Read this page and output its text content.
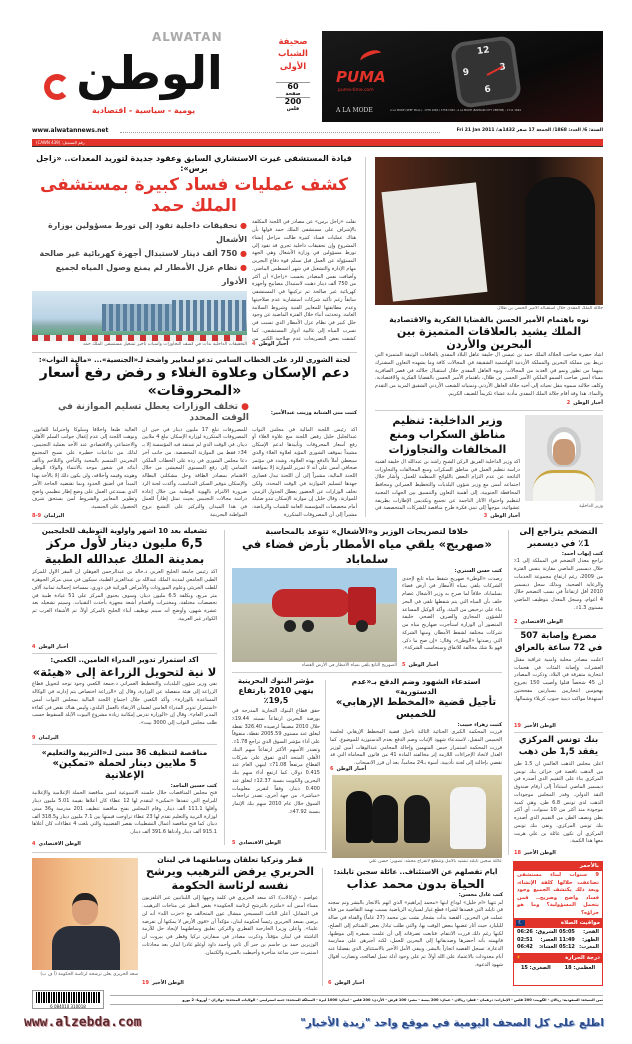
ALWATAN
الوطن
يومية - سياسية - اقتصادية
صحيفة
الشباب
الأولى
60
صفحة
200
فلس
PUMA
puma-time.com
12
9	3
6
A LA MODE	A LA MODE (SEEF MALL) - 1758 1660 / 1758 1393 - A LA MODE (BAHRAIN CITY CENTRE) - 1711 1694
www.alwatannews.net	السنة: 6/ العدد: 1868/ الجمعة 17 صفر 1432هـ/ Fri 21 Jan 2011
رقم التسجيل: (CAWN 439)
قيادة المستشفى غيرت الاستشاري السابق وعقود جديدة لتوريد المعدات.. «زاجل برس»:
كشف عمليات فساد كبيرة بمستشفى الملك حمد
نقلت «زاجل برس» عن مصادر في اللجنة المكلفة بالإشراف على مستشفى الملك حمد قولها بأن هناك عمليات فساد كبيرة طالت مراحل إنشاء المشروع وإن تحقيقات داخلية تجري قد تقود إلى تورط مسؤولين في وزارة الأشغال وهي الجهة المسؤولة عن العمل قبل تسلم قوة دفاع البحرين مهام الإدارة والتشغيل في شهر أغسطس الماضي. وأضافت نفس المصادر بحسب «زاجل» أن أكثر من 750 ألف دينار ذهبت لاستبدال مصابيح وأجهزة كهربائية غير صالحة تم تركيبها في المستشفى سابقاً رغم تأكيد شركات استشارية عدم صلاحيتها وعدم مطابقتها للمعايير الفنية وشروط السلامة العامة. وتحدثت أنباء خلال الفترة الماضية عن وجود خلل كبير في نظام عزل الأمطار الذي تسبب في تسرب المياه إلى غالبية أدوار المستشفى، كما كشفت بعض التصريحات عدم صلاحية الكثير من
أخبار الوطن4
● تحقيقات داخلية تقود إلى تورط مسؤولين بوزارة الأشغال
● 750 ألف دينار لاستبدال أجهزة كهربائية غير صالحة
● نظام عزل الأمطار لم يمنع وصول المياه لجميع الأدوار
التحقيقات الداخلية بدأت في كشف التجاوزات وأسباب تأخير تشغيل مستشفى الملك حمد
جلالة الملك المفدى خلال استقباله الأمير الحسن بن طلال
نوه باهتمام الأمير الحسن بالقضايا الفكرية والاقتصادية
الملك يشيد بالعلاقات المتميزة بين البحرين والأردن
أشاد حضرة صاحب الجلالة الملك حمد بن عيسى آل خليفة عاهل البلاد المفدى بالعلاقات الوثيقة المتميزة التي تربط بين مملكة البحرين والمملكة الأردنية الهاشمية الشقيقة في المجالات كافة وما يشهده التعاون المشترك بينهما من تطور ونمو في العديد من المجالات. ونوه العاهل المفدى خلال استقبال جلالته في قصر الصافرية مساء أمس صاحب السمو الملكي الأمير الحسن بن طلال، باهتمام الأمير الحسن بالقضايا الفكرية والاقتصادية. وكلف جلالته سموه بنقل تحياته إلى أخيه جلالة العاهل الأردني وتمنياته للشعب الأردني الشقيق المزيد من التقدم والنماء. هذا وقد أقام جلالة الملك المفدى مأدبة عشاء تكريماً للضيف الكريم.
أخبار الوطن2
لجنة الشورى للرد على الخطاب السامي تدعو لمعايير واضحة لـ«الجنسية»... «مالية النواب»:
دعم الإسكان وعلاوة الغلاء و رفض رفع أسعار «المحروقات»
كتبت منى الشتابة وزينب عبدالأمير:
● تخلف الوزارات يعطل تسليم الموازنة في الوقت المحدد
أكد رئيس اللجنة المالية في مجلس النواب عبدالجليل خليل رفض اللجنة منع علاوة الغلاء أو رفع أسعار المحروقات وتأييدها لدعم الإسكان مشيداً بموقف الشورى المؤيد لعلاوة الغلاء والذي سيعطي أملاً بالدفع بهذه العلاوة. وشدد في مؤتمر صحافي أمس على أنه لا تمرير للموازنة إلا بموافقة اللجنة المالية، مشيراً إلى أن اللجنة تبذل قصارى جهدها لتسليم الموازنة في الوقت المحدد، ولكن تخلف الوزارات عن الحضور يعطل الجدول الزمني للموازنة. وقال خليل إن موازنة الإسكان تبدو ضئيلة أمام مخصصات المؤسسة العامة للشباب والرياضة، مشيراً إلى أن المصروفات المتكررة
للمصروفات تبلغ 17 مليون دينار في حين أن المصروفات المتكررة لوزارة الإسكان تبلغ 4 ملايين دينار، في الوقت الذي لم تستفد فيه المؤسسة إلا بـ 34٪ فقط من الموازنة المخصصة. من جانب آخر دعا مجلس الشورى في رده على الخطاب الملكي السامي إلى رفع المستوى المعيشي من خلال الاهتمام بمصادر الطاقة وحل مشكلتي البطالة والإسكان بتوفير السكن المناسب، وأكدت لجنة الرد ضرورة الالتزام بالهوية الوطنية من خلال إعادة دراسة مجالات التجنيس بحيث تمثل إطاراً للعمل في هذا الميدان والتركيز على التشبع بروح المواطنة البحرينية
العالية طبعاً وأخلاقاً وسلوكاً واحتراماً للقانون. ونوهت اللجنة إلى عدم إغفال جوانب السلم الأهلي والاجتماعي والاقتصادي عند الأخذ بعملية التجنيس، لذلك من تداعيات خطيرة على نسيج المجتمع البحريني المتسم بالمحبة والتآخي والتلاحم وتآلف أبنائه في شعور موحد بالانتماء والولاء للوطن وهويته وقيمه وأخلاقه، ولن يكون ذلك إلا بالأخذ بهذا المبدأ في أضيق الحدود وبما تقتضيه الحاجة الأمر الذي يستدعي العمل على وضع إطار تنظيمي واضح وتطوير المعايير والشروط لمن يستحق شرف الحصول على الجنسية.
البرلمان9-8
وزير الداخلية
وزير الداخلية: تنظيم مناطق السكراب ومنع المخالفات والتجاوزات
أكد وزير الداخلية الفريق الركن الشيخ راشد بن عبدالله آل خليفة أهمية دراسة تنظيم العمل في مناطق السكراب ومنع المخالفات والتجاوزات الناتجة عن عدم التزام البعض باللوائح المنظمة للعمل. وأشار خلال اجتماعه أمس مع وزير شؤون البلديات والتخطيط العمراني ومحافظ المحافظة الجنوبية، إلى أهمية التعاون والتنسيق بين الجهات المعنية لتنظيم واحتواء الآثار الناجمة عن تجميع وتكديس الإطارات بطريقة عشوائية، موجهاً إلى تبني فكرة طرح مناقصة للشركات المتخصصة في
أخبار الوطن3
تشغيله بعد 10 أشهر وأولوية التوظيف للخليجيين
6,5 مليون دينار لأول مركز بمدينة الملك عبدالله الطبية
أكد رئيس جامعة الخليج العربي د.خالد بن عبدالرحمن العوهلي أن المقر الأول للمركز الطبي الجامعي لمدينة الملك عبدالله بن عبدالعزيز الطبية، سيكون في مبنى مركز الجوهرة للطب الجزيئي وعلوم الموروثات والأمراض الوراثية في دوري، بمساحة إجمالية ثمانية آلاف متر مربع، وبكلفة 6.5 مليون دينار، وسوف يحتوي المركز على 51 عيادة طبية في تخصصات مختلفة، ومختبرات وأقسام أشعة مجهزة بأحدث التقنيات. وسيتم تشغيله بعد عشرة شهور، وأوضح أنه سيتم توظيف أبناء الخليج بالمركز أولاً، ثم الأشقاء العرب ثم الكوادر غير العربية.
أخبار الوطن4
أكد استمرار تدوير المدراء العامين.. الكعبي:
لا نية لتحويل الزراعة إلى «هيئة»
نفى وزير شؤون البلديات والتخطيط العمراني د.جمعة الكعبي وجود توجه لتحويل قطاع الزراعة إلى هيئة منفصلة عن الوزارة، وقال إن «الزراعة اختصاص يتم إدارته في الوكالة المساعدة بالوزارة». وأكد الكعبي خلال اجتماع اللجنة المالية بمجلس النواب أمس «استمرار تدوير المدراء العامين لضمان الارتقاء بالعمل البلدي، وليس هناك نقص في كفاءة المدير العام». وقال إن «الوزارة تدرس إمكانية زيادة مشروع البيوت الآيلة للسقوط حسب طلب مجلس النواب إلى 3000 بيت».
البرلمان9
مناقصة لتنظيف 36 مبنى لـ«التربية والتعليم»
5 ملايين دينار لحملة «تمكين» الإعلانية
كتب حسين الماجد:
فتح مجلس المناقصات خلال جلسته الأسبوعية أمس مناقصة الحملة الإعلامية والإعلانية للبرامج التي تنفذها «تمكين» ليتقدم لها 12 عطاء كان أعلاها بقيمة 5.01 مليون دينار وأقلها 111.1 ألف دينار. وقام المجلس بفتح مناقصة تنظيف 201 مدرسة و36 مبنى لوزارة التربية والتعليم تقدم لها 23 عطاء تراوحت قيمتها بين 7.1 مليون دينار و318.5 ألف دينار، كما فتح مناقصة أعمال التشطيبات بقصر القضيبية والتي بلغت 4 عطاءات كان أعلاها 915.1 ألف دينار وأدناها 391.6 ألف دينار.
الوطن الاقتصادي4
خلافاً لتصريحات الوزير و«الأشغال» تتوعد بالمحاسبة
«صهريج» يلقي مياه الأمطار بأرض فضاء في سلماباد
كتب حسن الستري:
رصدت «الوطن» صهريج شفط مياه تابع لإحدى الشركات يلقي بمياه الأمطار في أرض فضاء بسلماباد، خلافاً لما صرح به وزير الأشغال عصام خلف بأن المياه التي يتم شفطها تلقى في البحر بناء على ترخيص من البيئة. وأكد الوكيل المساعد للشؤون المجاري والصرف الصحي خليفة المنصور أن الوزارة استأجرت صهاريج مياه من شركات مختلفة لشفط الأمطار، ومنها الشركة التي رصدتها «الوطن»، وقال: «إن صح ما ذكر، فهو بلا شك مخالفة للاتفاق وسنحاسب الشركة».
أخبار الوطن5
الصهريج التابع يلقي بمياه الأمطار في الأرض الفضاء
مؤشر البنوك البحرينية
ينهي 2010 بارتفاع 19,5٪
حقق قطاع البنوك التجارية المدرجة في بورصة البحرين ارتفاعاً نسبته 19.44٪ خلال 2010 مضيفاً لرصيده 326.40 نقطة ليغلق عند مستوى 2005.59 نقطة، متفوقاً على أداء مؤشر السوق الذي تراجع 1.78٪. وتصدر الأسهم الأكثر ارتفاعاً سهم البنك الأهلي المتحد الذي تفوق على شركات القطاع مرتفعاً 71.08٪ لينهي العام عند 0.415 دولار، كما ارتفع أداء سهم بنك البحرين والكويت بنسبة 12.37٪ ليغلق عند 0.400 دينار، وفقاً لتقرير معلومات «مباشر». من جهة أخرى، تصدر تراجعات السوق خلال عام 2010 سهم بنك الإثمار بنسبة 47.92٪.
الوطن الاقتصادي5
استدعاء الشهود وضم الدفع بـ«عدم الدستورية»
تأجيل قضية «المخطط الإرهابي» للخميس
كتبت زهراء حبيب:
قررت المحكمة الكبرى الجنائية الثالثة تأجيل قضية المخطط الإرهابي لجلسة الخميس المقبل، لاستدعاء شهود الإثبات وضم الدفع بعدم الدستورية للموضوع. كما قررت المحكمة استمرار حبس المتهمين وإحالة المحامي عبدالوهاب أمين لوزير العدل لاتخاذ الإجراءات اللازمة إثر مخالفته المادة 41 من قانون المحاماة التي قد تقضي بإحالته إلى لجنة تأديبية، أسوة بـ24 محامياً، بعد أن قرر الانسحاب.
أخبار الوطن6
عائلة سجين تايلند تشتيد بالأمل وتتطلع لانفراج محنته. تصوير: حسن علي
التضخم يتراجع إلى 1٪ في ديسمبر
كتب إيهاب أحمد:
تراجع معدل التضخم في المملكة إلى 1٪ خلال ديسمبر الماضي مقارنة بنفس الفترة من 2009، رغم ارتفاع مجموعة الخدمات والرعاية الصحية. وبذلك سجل ديسمبر 2010 أقل ارتفاعاً في نسب التضخم خلال 4 أعوام، وسجل المعدل بتوظيف الماضي مستوى 1.3٪.
الوطن الاقتصادي2
مصرع وإصابة 507 في 72 ساعة بالعراق
أعلنت مصادر محلية وأمنية عراقية مقتل العشرات وإصابة المئات في هجمات انتحارية متفرقة في البلاد. وذكرت المصادر أن 45 شخصاً قتلوا وأصيب 150 بجروح بهجومين انتحاريين بسيارتين مفخختين استهدفا مواكب دينية جنوب كربلاء وشمالها.
الوطن الأخير19
بنك تونس المركزي يفقد 1,5 طن ذهب
أعلن مجلس الذهب العالمي أن 1.5 طن من الذهب ناقصة في خزائن بنك تونس المركزي بناء على التقييم الذي أصدره في ديسمبر الماضي استناداً إلى أرقام صندوق النقد الدولي. وقدر المجلس موجودات الذهب لدى تونس 6.8 طن، وهي كمية موجودة منذ أكثر من 10 سنوات، أي أكثر بطن ونصف الطن من التقييم الذي أصدره بنك تونس المركزي. ونفى بنك تونس المركزي أن تكون عائلة بن علي هربت معها هذا الكمية.
الوطن الأخير18
سعد الحريري يعلن ترشحه لرئاسة الحكومة (أ ف ب)
قطر وتركيا تعلقان وساطتهما في لبنان
الحريري يرفض الترهيب ويرشح نفسه لرئاسة الحكومة
عواصم - (وكالات): أكد سعد الحريري في كلمة وجهها إلى اللبنانيين عبر التلفزيون مساء أمس أنه «ملتزم بالترشح لرئاسة الحكومة» بغض النظر عن مناخات الترهيب. في المقابل، أعلن النائب المسيحي ميشال عون المتحالف مع «حزب الله» أنه لن يرضى بسعد الحريري رئيساً لحكومة لبنان، مؤكداً أن «قوى الأرض لا يمكنها أن تفرضه علينا». وأعلن وزيرا الخارجية القطري والتركي تعليق وساطتهما لإيجاد حل للأزمة الناشئة في لبنان مؤقتاً، وذكرت مصادر في سفارتي تركيا وقطر في بيروت أن الوزيرين حمد بن جاسم بن جبر آل ثاني وأحمد داود أوغلو غادرا لبنان بعد محادثات استمرت حتى ساعة متأخرة وأحيطت بالسرية والكتمان.
الوطن الأخير19
أيام تفصلهم عن الاستئناف.. عائلة سجين تايلند:
الحياة بدون محمد عذاب
كتب عادل محسن:
لم تتهيأ «أم خليل» لوداع ابنها «محمد إبراهيم» الذي اتهم بالاتجار بالبشر وتم سجنه في تايلند التي قصدها لشراء قطع غيار لسيارته الرياضية بسبب تهمة التقاضية من فتاة عملت في البحرين. القصة بدأت بشجار نشب بين محمد (27 عاماً) والفتاة في صالة للبليارد حيث أثار غضبها ببعض الوقت بها، والتي طلب تبادل بعض الشتائم إلى الصلح، لكنها رغم ذلك قررت الانتقام. فتابعت تصرفاته إلى أن علمت بسفره إلى موطنها، فاتهمته بأنه أحضرها وصديقاتها إلى البحرين للعمل، لكنه أجبرهن على ممارسة الدعارة. تسجل القضية اتجاراً بالبشر. ويبقى الأمل الأخير بالاستئناف الذي يفصلنا عنه أيام معدودات بالاعتماد على الله أولاً، ثم على وجود أدلة تميل لصالحه، وتضارب أقوال شهود الدعوة.
أخبار الوطن6
بالأحمر
9 سنوات لبناء مستشفى تضاعفت خلالها كلفة الإنشاء، وبعد ذلك يكتشف الجميع وجود فساد واضح وصريح.. فمن يتحمل المسؤولية؟ وما هو جزاؤه؟
مواقيت الصلاة
☾
الفجر:
05:05
الشروق:
06:26
الظهر:
11:49
العصر:
02:51
المغرب:
05:12
العشاء:
06:42
درجة الحرارة
☀
العظمى: 18
الصغرى: 15
6 084010 310018
ثمن النسخة: السعودية: ريالان - الكويت: 200 فلس - الإمارات: درهمان - قطر: ريالان - عمان: 200 بيسة - مصر: 100 قرش - الأردن: 200 فلس - لبنان: 1000 ليرة - المملكة المتحدة: جنيه استرليني - الولايات المتحدة: دولاران - أوروبا: 2 يورو
اطلع على كل الصحف اليومية في موقع واحد "زبدة الأخبار"
www.alzebda.com
